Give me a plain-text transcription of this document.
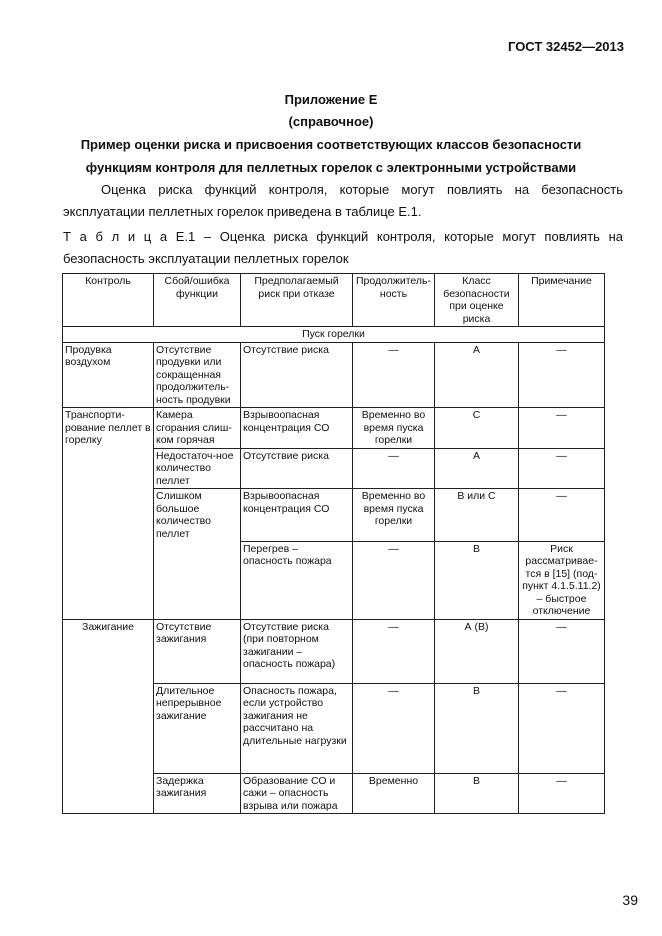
ГОСТ 32452—2013
Приложение Е
(справочное)
Пример оценки риска и присвоения соответствующих классов безопасности
функциям контроля для пеллетных горелок с электронными устройствами
Оценка риска функций контроля, которые могут повлиять на безопасность
эксплуатации пеллетных горелок приведена в таблице Е.1.
Т а б л и ц а Е.1 – Оценка риска функций контроля, которые могут повлиять на
безопасность эксплуатации пеллетных горелок
Контроль	Сбой/ошибка функции	Предполагаемый риск при отказе	Продолжитель-ность	Класс безопасности при оценке риска	Примечание
Пуск горелки					
Продувка воздухом	Отсутствие продувки или сокращенная продолжитель-ность продувки	Отсутствие риска	—	А	—
Транспорти-рование пеллет в горелку	Камера сгорания слиш-ком горячая	Взрывоопасная концентрация СО	Временно во время пуска горелки	С	—
	Недостаточ-ное количество пеллет	Отсутствие риска	—	А	—
	Слишком большое количество пеллет	Взрывоопасная концентрация СО	Временно во время пуска горелки	В или С	—
		Перегрев – опасность пожара	—	В	Риск рассматривае-тся в [15] (под-пункт 4.1.5.11.2) – быстрое отключение
Зажигание	Отсутствие зажигания	Отсутствие риска (при повторном зажигании – опасность пожара)	—	А (В)	—
	Длительное непрерывное зажигание	Опасность пожара, если устройство зажигания не рассчитано на длительные нагрузки	—	В	—
	Задержка зажигания	Образование СО и сажи – опасность взрыва или пожара	Временно	В	—
39
